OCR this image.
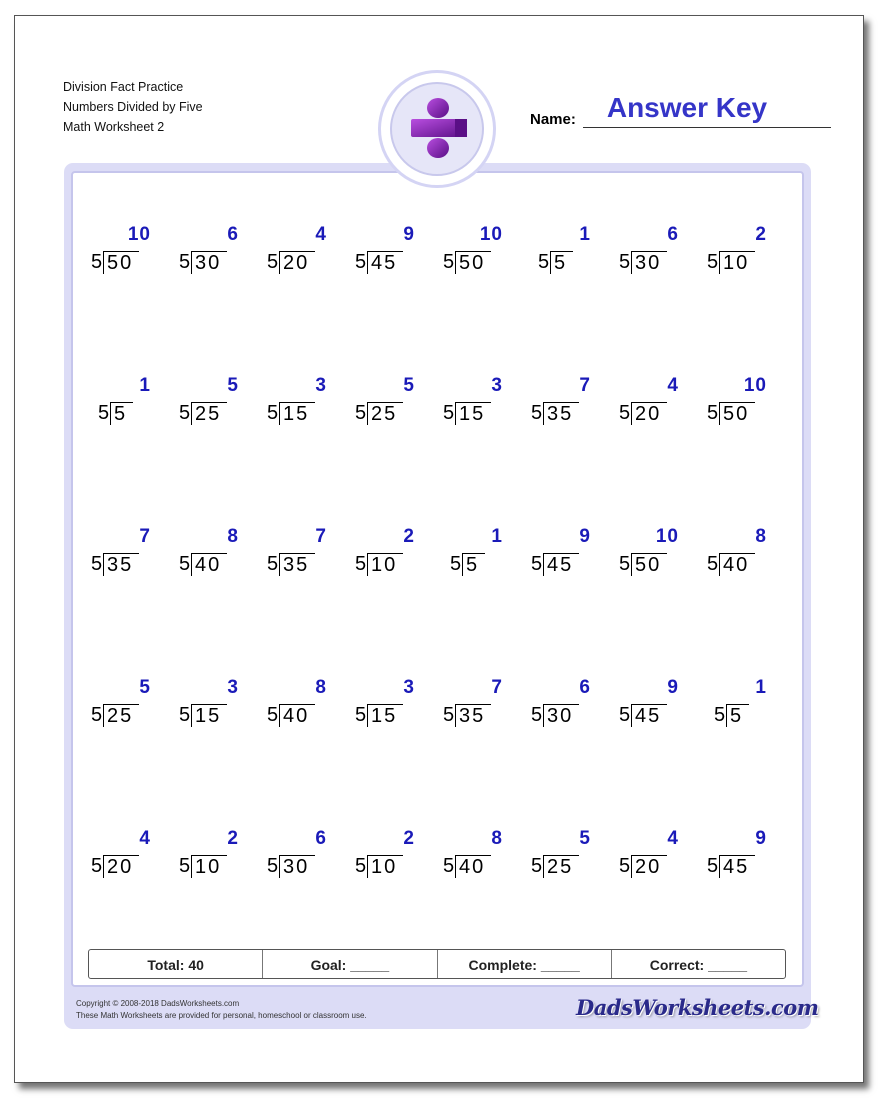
Division Fact Practice
Numbers Divided by Five
Math Worksheet 2	Name:	Answer Key
10
5 50
6
5 30
4
5 20
9
5 45
10
5 50
1
5 5
6
5 30
2
5 10
1
5 5
5
5 25
3
5 15
5
5 25
3
5 15
7
5 35
4
5 20
10
5 50
7
5 35
8
5 40
7
5 35
2
5 10
1
5 5
9
5 45
10
5 50
8
5 40
5
5 25
3
5 15
8
5 40
3
5 15
7
5 35
6
5 30
9
5 45
1
5 5
4
5 20
2
5 10
6
5 30
2
5 10
8
5 40
5
5 25
4
5 20
9
5 45
Total: 40	Goal: _____	Complete: _____	Correct: _____
Copyright © 2008-2018 DadsWorksheets.com
These Math Worksheets are provided for personal, homeschool or classroom use.	DadsWorksheets.com
